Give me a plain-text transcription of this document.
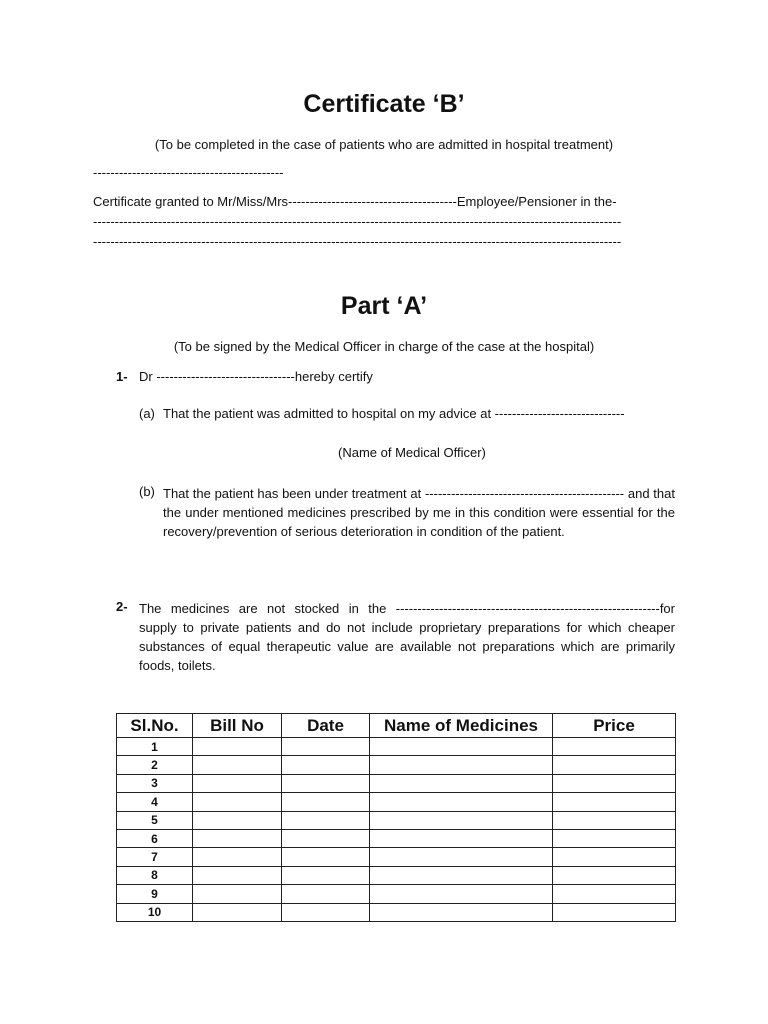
Certificate ‘B’
(To be completed in the case of patients who are admitted in hospital treatment)
--------------------------------------------
Certificate granted to Mr/Miss/Mrs---------------------------------------Employee/Pensioner in the-
--------------------------------------------------------------------------------------------------------------------------
--------------------------------------------------------------------------------------------------------------------------
Part ‘A’
(To be signed by the Medical Officer in charge of the case at the hospital)
1- Dr --------------------------------hereby certify
(a) That the patient was admitted to hospital on my advice at ------------------------------
(Name of Medical Officer)
(b) That the patient has been under treatment at ---------------------------------------------- and that the under mentioned medicines prescribed by me in this condition were essential for the recovery/prevention of serious deterioration in condition of the patient.
2- The medicines are not stocked in the -------------------------------------------------------------for supply to private patients and do not include proprietary preparations for which cheaper substances of equal therapeutic value are available not preparations which are primarily foods, toilets.
Sl.No.	Bill No	Date	Name of Medicines	Price
1				
2				
3				
4				
5				
6				
7				
8				
9				
10				
